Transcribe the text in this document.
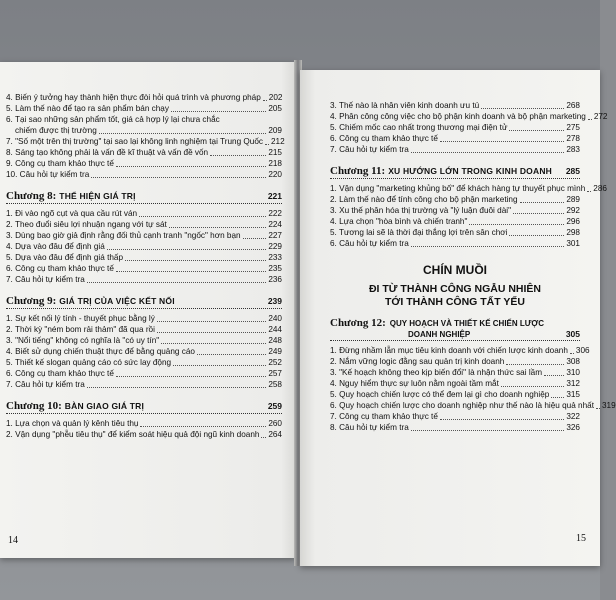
4. Biến ý tưởng hay thành hiện thực đòi hỏi quá trình và phương pháp 202
5. Làm thế nào để tạo ra sản phẩm bán chạy	205
6. Tại sao những sản phẩm tốt, giá cả hợp lý lại chưa chắc
chiếm được thị trường	209
7. "Số một trên thị trường" tại sao lại không linh nghiệm tại Trung Quốc 212
8. Sáng tạo không phải là vấn đề kĩ thuật và vấn đề vốn	215
9. Công cụ tham khảo thực tế	218
10. Câu hỏi tự kiểm tra	220
Chương 8: THỂ HIỆN GIÁ TRỊ	221
1. Đi vào ngõ cụt và qua cầu rút ván	222
2. Theo đuổi siêu lợi nhuận ngang với tự sát	224
3. Dùng bao giờ giả định rằng đối thủ cạnh tranh "ngốc" hơn bạn	227
4. Dựa vào đâu để định giá	229
5. Dựa vào đâu để định giá thấp	233
6. Công cụ tham khảo thực tế	235
7. Câu hỏi tự kiểm tra	236
Chương 9: GIÁ TRỊ CỦA VIỆC KẾT NỐI	239
1. Sự kết nối lý tính - thuyết phục bằng lý	240
2. Thời kỳ "ném bom rải thảm" đã qua rồi	244
3. "Nổi tiếng" không có nghĩa là "có uy tín"	248
4. Biết sử dụng chiến thuật thực để bằng quảng cáo	249
5. Thiết kế slogan quảng cáo có sức lay động	252
6. Công cụ tham khảo thực tế	257
7. Câu hỏi tự kiểm tra	258
Chương 10: BÀN GIAO GIÁ TRỊ	259
1. Lựa chọn và quản lý kênh tiêu thụ	260
2. Vận dụng "phễu tiêu thụ" để kiểm soát hiệu quả đội ngũ kinh doanh 264
14
3. Thế nào là nhân viên kinh doanh ưu tú	268
4. Phân công công việc cho bộ phận kinh doanh và bộ phận marketing 272
5. Chiếm mốc cao nhất trong thương mại điện tử	275
6. Công cụ tham khảo thực tế	278
7. Câu hỏi tự kiểm tra	283
Chương 11: XU HƯỚNG LỚN TRONG KINH DOANH 285
1. Vận dụng "marketing khủng bố" để khách hàng tự thuyết phục mình 286
2. Làm thế nào để tính công cho bộ phận marketing	289
3. Xu thế phân hóa thị trường và "lý luận đuôi dài"	292
4. Lựa chọn "hòa bình và chiến tranh"	296
5. Tương lai sẽ là thời đại thắng lợi trên sân chơi	298
6. Câu hỏi tự kiểm tra	301
CHÍN MUỒI
ĐI TỪ THÀNH CÔNG NGẪU NHIÊN
TỚI THÀNH CÔNG TẤT YẾU
Chương 12: QUY HOẠCH VÀ THIẾT KẾ CHIẾN LƯỢC
DOANH NGHIỆP	305
1. Đừng nhầm lẫn mục tiêu kinh doanh với chiến lược kinh doanh 306
2. Nắm vững logic đằng sau quản trị kinh doanh	308
3. "Kế hoạch không theo kịp biến đổi" là nhận thức sai lầm	310
4. Nguy hiểm thực sự luôn nằm ngoài tầm mắt	312
5. Quy hoạch chiến lược có thể đem lại gì cho doanh nghiệp 315
6. Quy hoạch chiến lược cho doanh nghiệp như thế nào là hiệu quả nhất 319
7. Công cụ tham khảo thực tế	322
8. Câu hỏi tự kiểm tra	326
15
